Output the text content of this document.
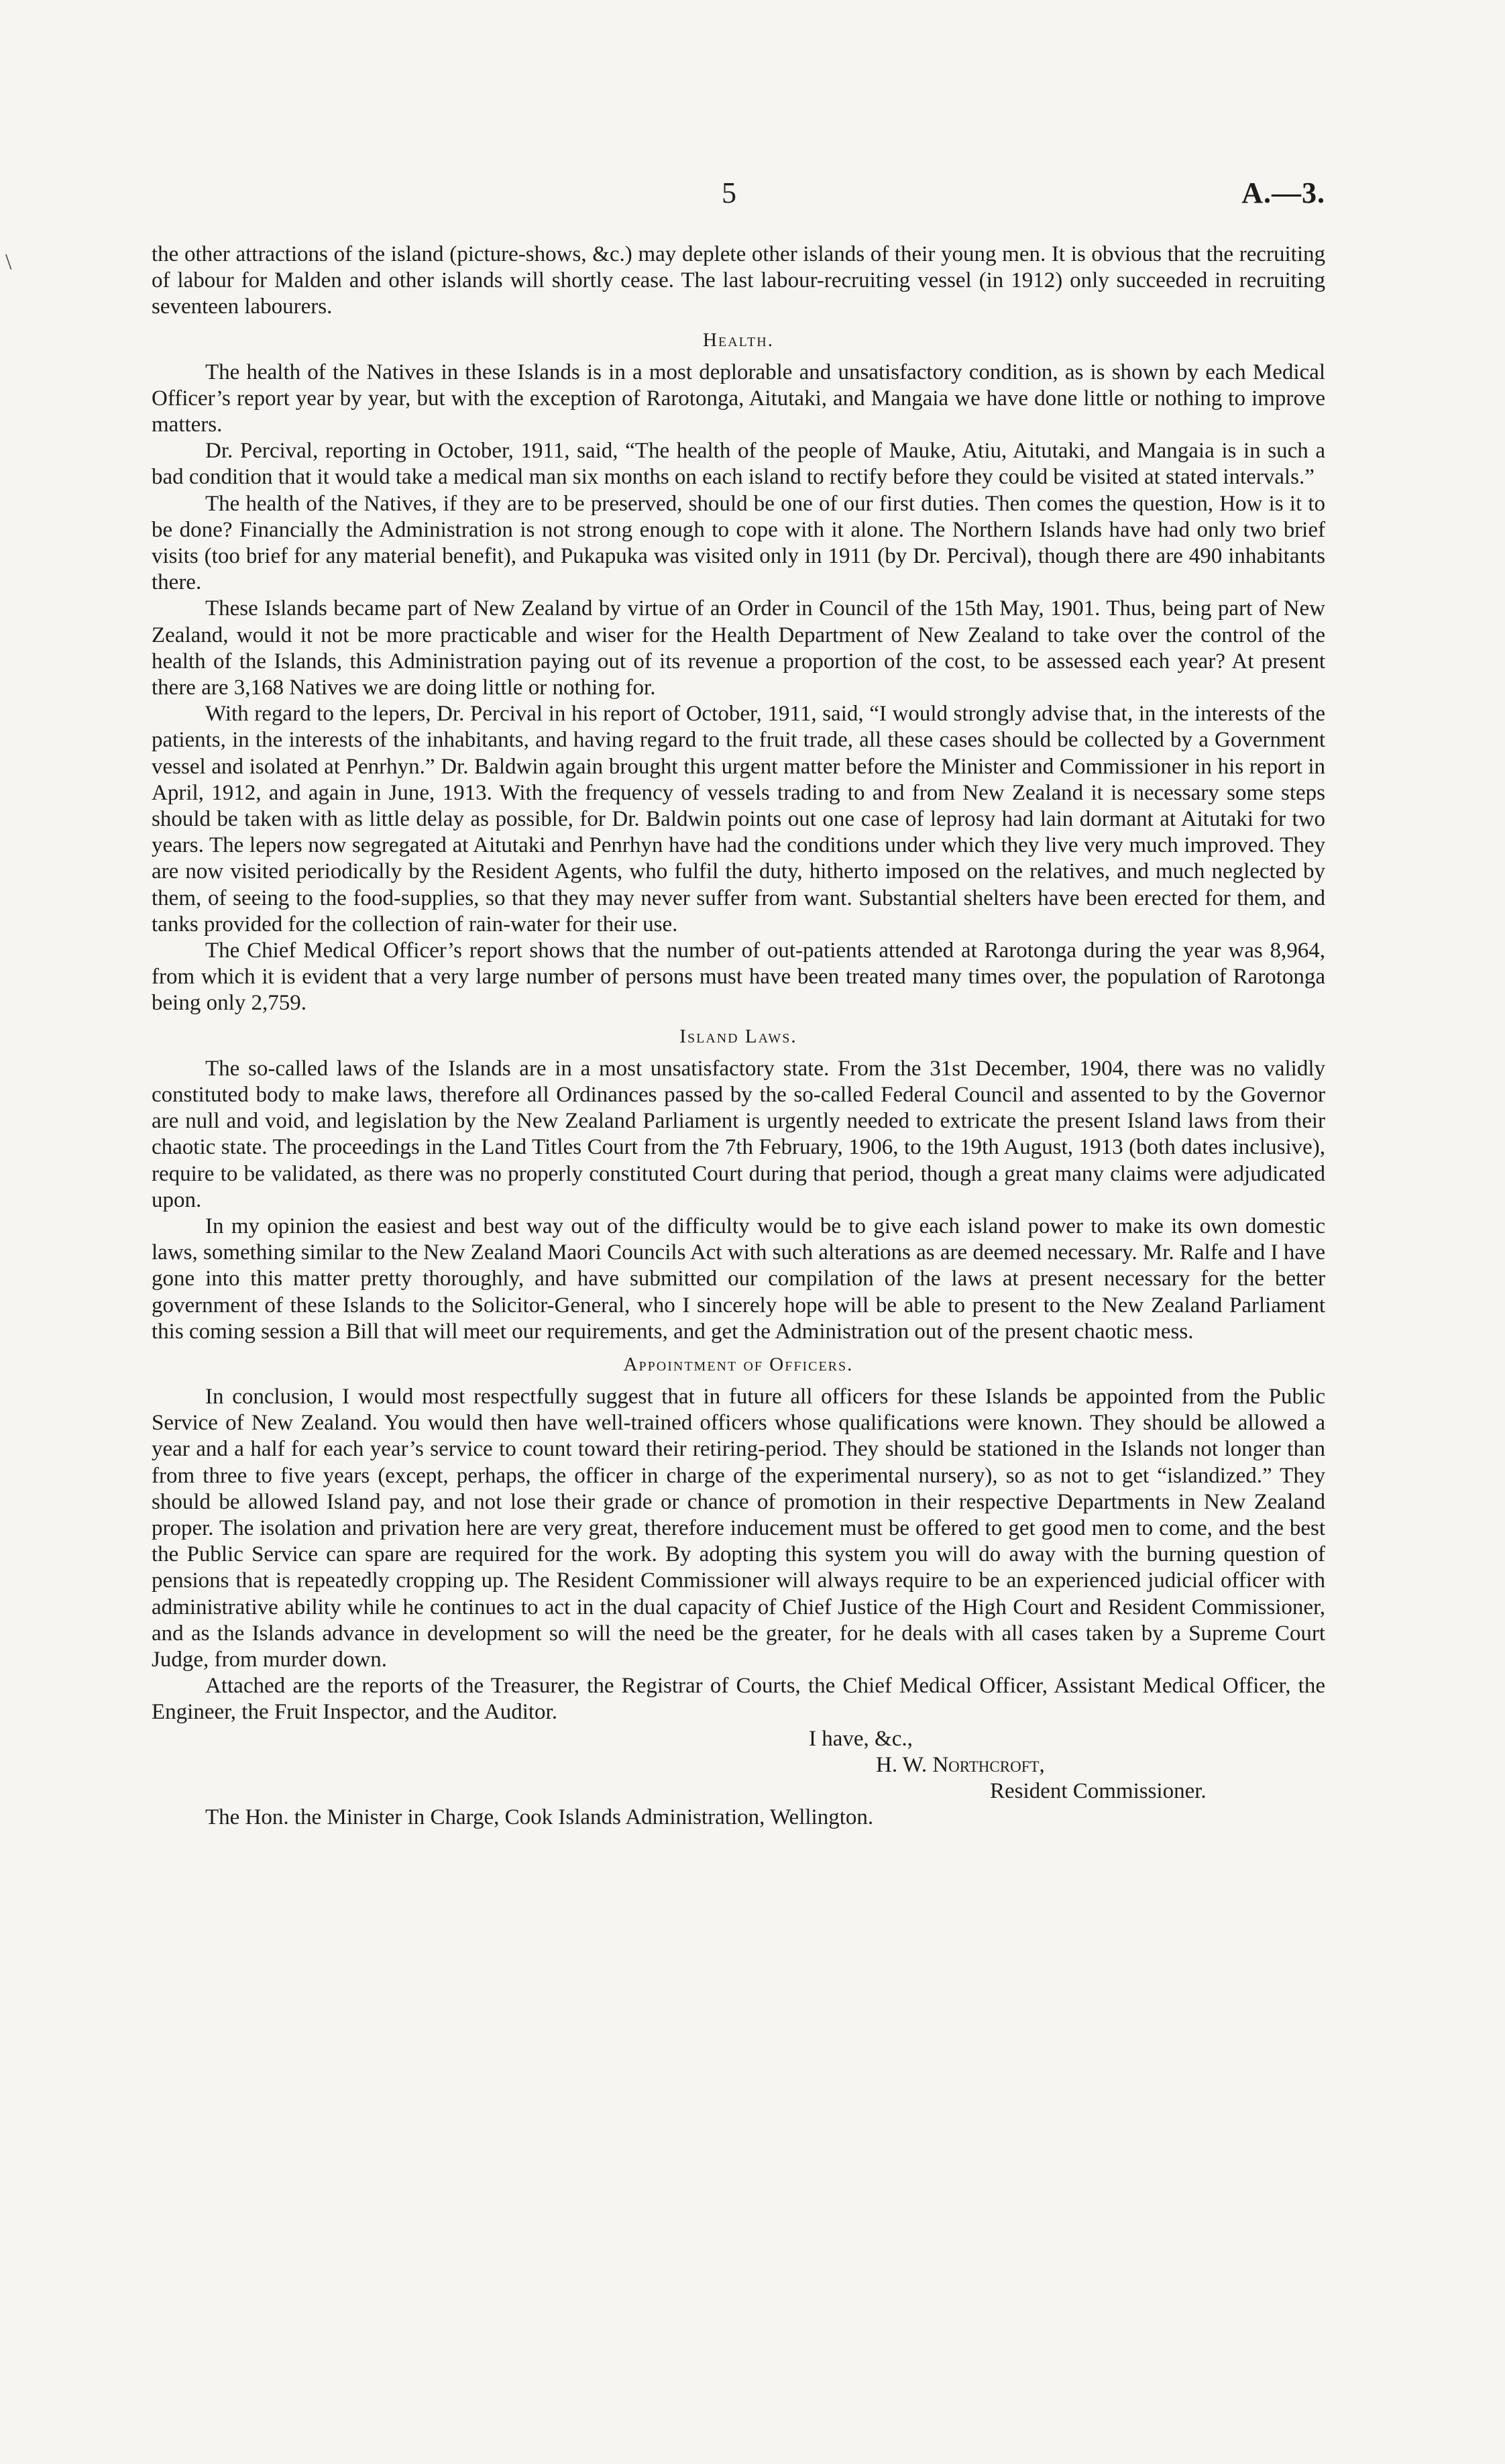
\
5	A.—3.

the other attractions of the island (picture-shows, &c.) may deplete other islands of their young men. It is obvious that the recruiting of labour for Malden and other islands will shortly cease. The last labour-recruiting vessel (in 1912) only succeeded in recruiting seventeen labourers.

Health.

The health of the Natives in these Islands is in a most deplorable and unsatisfactory condition, as is shown by each Medical Officer’s report year by year, but with the exception of Rarotonga, Aitutaki, and Mangaia we have done little or nothing to improve matters.

Dr. Percival, reporting in October, 1911, said, “The health of the people of Mauke, Atiu, Aitutaki, and Mangaia is in such a bad condition that it would take a medical man six months on each island to rectify before they could be visited at stated intervals.”

The health of the Natives, if they are to be preserved, should be one of our first duties. Then comes the question, How is it to be done? Financially the Administration is not strong enough to cope with it alone. The Northern Islands have had only two brief visits (too brief for any material benefit), and Pukapuka was visited only in 1911 (by Dr. Percival), though there are 490 inhabitants there.

These Islands became part of New Zealand by virtue of an Order in Council of the 15th May, 1901. Thus, being part of New Zealand, would it not be more practicable and wiser for the Health Department of New Zealand to take over the control of the health of the Islands, this Administration paying out of its revenue a proportion of the cost, to be assessed each year? At present there are 3,168 Natives we are doing little or nothing for.

With regard to the lepers, Dr. Percival in his report of October, 1911, said, “I would strongly advise that, in the interests of the patients, in the interests of the inhabitants, and having regard to the fruit trade, all these cases should be collected by a Government vessel and isolated at Penrhyn.” Dr. Baldwin again brought this urgent matter before the Minister and Commissioner in his report in April, 1912, and again in June, 1913. With the frequency of vessels trading to and from New Zealand it is necessary some steps should be taken with as little delay as possible, for Dr. Baldwin points out one case of leprosy had lain dormant at Aitutaki for two years. The lepers now segregated at Aitutaki and Penrhyn have had the conditions under which they live very much improved. They are now visited periodically by the Resident Agents, who fulfil the duty, hitherto imposed on the relatives, and much neglected by them, of seeing to the food-supplies, so that they may never suffer from want. Substantial shelters have been erected for them, and tanks provided for the collection of rain-water for their use.

The Chief Medical Officer’s report shows that the number of out-patients attended at Rarotonga during the year was 8,964, from which it is evident that a very large number of persons must have been treated many times over, the population of Rarotonga being only 2,759.

Island Laws.

The so-called laws of the Islands are in a most unsatisfactory state. From the 31st December, 1904, there was no validly constituted body to make laws, therefore all Ordinances passed by the so-called Federal Council and assented to by the Governor are null and void, and legislation by the New Zealand Parliament is urgently needed to extricate the present Island laws from their chaotic state. The proceedings in the Land Titles Court from the 7th February, 1906, to the 19th August, 1913 (both dates inclusive), require to be validated, as there was no properly constituted Court during that period, though a great many claims were adjudicated upon.

In my opinion the easiest and best way out of the difficulty would be to give each island power to make its own domestic laws, something similar to the New Zealand Maori Councils Act with such alterations as are deemed necessary. Mr. Ralfe and I have gone into this matter pretty thoroughly, and have submitted our compilation of the laws at present necessary for the better government of these Islands to the Solicitor-General, who I sincerely hope will be able to present to the New Zealand Parliament this coming session a Bill that will meet our requirements, and get the Administration out of the present chaotic mess.

Appointment of Officers.

In conclusion, I would most respectfully suggest that in future all officers for these Islands be appointed from the Public Service of New Zealand. You would then have well-trained officers whose qualifications were known. They should be allowed a year and a half for each year’s service to count toward their retiring-period. They should be stationed in the Islands not longer than from three to five years (except, perhaps, the officer in charge of the experimental nursery), so as not to get “islandized.” They should be allowed Island pay, and not lose their grade or chance of promotion in their respective Departments in New Zealand proper. The isolation and privation here are very great, therefore inducement must be offered to get good men to come, and the best the Public Service can spare are required for the work. By adopting this system you will do away with the burning question of pensions that is repeatedly cropping up. The Resident Commissioner will always require to be an experienced judicial officer with administrative ability while he continues to act in the dual capacity of Chief Justice of the High Court and Resident Commissioner, and as the Islands advance in development so will the need be the greater, for he deals with all cases taken by a Supreme Court Judge, from murder down.

Attached are the reports of the Treasurer, the Registrar of Courts, the Chief Medical Officer, Assistant Medical Officer, the Engineer, the Fruit Inspector, and the Auditor.

I have, &c.,
H. W. Northcroft,
Resident Commissioner.
The Hon. the Minister in Charge, Cook Islands Administration, Wellington.
